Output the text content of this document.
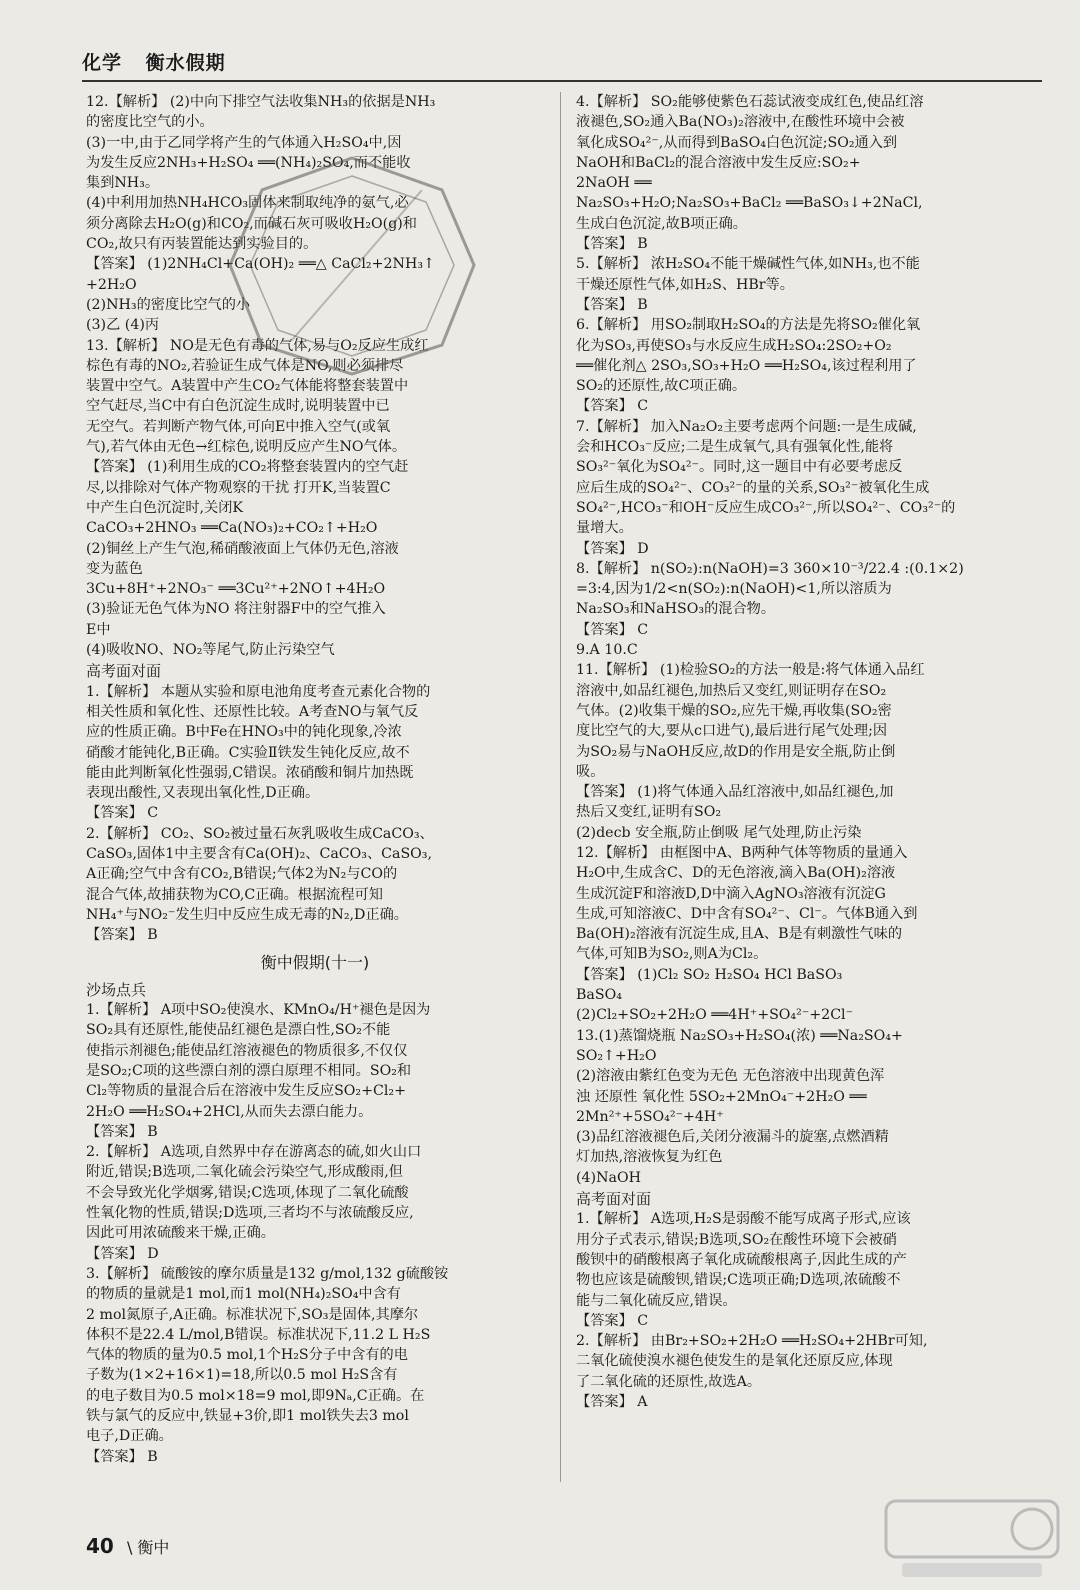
化学 衡水假期
12.【解析】 (2)中向下排空气法收集NH₃的依据是NH₃
的密度比空气的小。
(3)一中,由于乙同学将产生的气体通入H₂SO₄中,因
为发生反应2NH₃+H₂SO₄ ══(NH₄)₂SO₄,而不能收
集到NH₃。
(4)中利用加热NH₄HCO₃固体来制取纯净的氨气,必
须分离除去H₂O(g)和CO₂,而碱石灰可吸收H₂O(g)和
CO₂,故只有丙装置能达到实验目的。
【答案】 (1)2NH₄Cl+Ca(OH)₂ ══△ CaCl₂+2NH₃↑
+2H₂O
(2)NH₃的密度比空气的小
(3)乙 (4)丙
13.【解析】 NO是无色有毒的气体,易与O₂反应生成红
棕色有毒的NO₂,若验证生成气体是NO,则必须排尽
装置中空气。A装置中产生CO₂气体能将整套装置中
空气赶尽,当C中有白色沉淀生成时,说明装置中已
无空气。若判断产物气体,可向E中推入空气(或氧
气),若气体由无色→红棕色,说明反应产生NO气体。
【答案】 (1)利用生成的CO₂将整套装置内的空气赶
尽,以排除对气体产物观察的干扰 打开K,当装置C
中产生白色沉淀时,关闭K
CaCO₃+2HNO₃ ══Ca(NO₃)₂+CO₂↑+H₂O
(2)铜丝上产生气泡,稀硝酸液面上气体仍无色,溶液
变为蓝色
3Cu+8H⁺+2NO₃⁻ ══3Cu²⁺+2NO↑+4H₂O
(3)验证无色气体为NO 将注射器F中的空气推入
E中
(4)吸收NO、NO₂等尾气,防止污染空气
高考面对面
1.【解析】 本题从实验和原电池角度考查元素化合物的
相关性质和氧化性、还原性比较。A考查NO与氧气反
应的性质正确。B中Fe在HNO₃中的钝化现象,冷浓
硝酸才能钝化,B正确。C实验Ⅱ铁发生钝化反应,故不
能由此判断氧化性强弱,C错误。浓硝酸和铜片加热既
表现出酸性,又表现出氧化性,D正确。
【答案】 C
2.【解析】 CO₂、SO₂被过量石灰乳吸收生成CaCO₃、
CaSO₃,固体1中主要含有Ca(OH)₂、CaCO₃、CaSO₃,
A正确;空气中含有CO₂,B错误;气体2为N₂与CO的
混合气体,故捕获物为CO,C正确。根据流程可知
NH₄⁺与NO₂⁻发生归中反应生成无毒的N₂,D正确。
【答案】 B
衡中假期(十一)
沙场点兵
1.【解析】 A项中SO₂使溴水、KMnO₄/H⁺褪色是因为
SO₂具有还原性,能使品红褪色是漂白性,SO₂不能
使指示剂褪色;能使品红溶液褪色的物质很多,不仅仅
是SO₂;C项的这些漂白剂的漂白原理不相同。SO₂和
Cl₂等物质的量混合后在溶液中发生反应SO₂+Cl₂+
2H₂O ══H₂SO₄+2HCl,从而失去漂白能力。
【答案】 B
2.【解析】 A选项,自然界中存在游离态的硫,如火山口
附近,错误;B选项,二氧化硫会污染空气,形成酸雨,但
不会导致光化学烟雾,错误;C选项,体现了二氧化硫酸
性氧化物的性质,错误;D选项,三者均不与浓硫酸反应,
因此可用浓硫酸来干燥,正确。
【答案】 D
3.【解析】 硫酸铵的摩尔质量是132 g/mol,132 g硫酸铵
的物质的量就是1 mol,而1 mol(NH₄)₂SO₄中含有
2 mol氮原子,A正确。标准状况下,SO₃是固体,其摩尔
体积不是22.4 L/mol,B错误。标准状况下,11.2 L H₂S
气体的物质的量为0.5 mol,1个H₂S分子中含有的电
子数为(1×2+16×1)=18,所以0.5 mol H₂S含有
的电子数目为0.5 mol×18=9 mol,即9Nₐ,C正确。在
铁与氯气的反应中,铁显+3价,即1 mol铁失去3 mol
电子,D正确。
【答案】 B
4.【解析】 SO₂能够使紫色石蕊试液变成红色,使品红溶
液褪色,SO₂通入Ba(NO₃)₂溶液中,在酸性环境中会被
氧化成SO₄²⁻,从而得到BaSO₄白色沉淀;SO₂通入到
NaOH和BaCl₂的混合溶液中发生反应:SO₂+
2NaOH ══
Na₂SO₃+H₂O;Na₂SO₃+BaCl₂ ══BaSO₃↓+2NaCl,
生成白色沉淀,故B项正确。
【答案】 B
5.【解析】 浓H₂SO₄不能干燥碱性气体,如NH₃,也不能
干燥还原性气体,如H₂S、HBr等。
【答案】 B
6.【解析】 用SO₂制取H₂SO₄的方法是先将SO₂催化氧
化为SO₃,再使SO₃与水反应生成H₂SO₄:2SO₂+O₂
══催化剂△ 2SO₃,SO₃+H₂O ══H₂SO₄,该过程利用了
SO₂的还原性,故C项正确。
【答案】 C
7.【解析】 加入Na₂O₂主要考虑两个问题:一是生成碱,
会和HCO₃⁻反应;二是生成氧气,具有强氧化性,能将
SO₃²⁻氧化为SO₄²⁻。同时,这一题目中有必要考虑反
应后生成的SO₄²⁻、CO₃²⁻的量的关系,SO₃²⁻被氧化生成
SO₄²⁻,HCO₃⁻和OH⁻反应生成CO₃²⁻,所以SO₄²⁻、CO₃²⁻的
量增大。
【答案】 D
8.【解析】 n(SO₂):n(NaOH)=3 360×10⁻³/22.4 :(0.1×2)
=3:4,因为1/2<n(SO₂):n(NaOH)<1,所以溶质为
Na₂SO₃和NaHSO₃的混合物。
【答案】 C
9.A 10.C
11.【解析】 (1)检验SO₂的方法一般是:将气体通入品红
溶液中,如品红褪色,加热后又变红,则证明存在SO₂
气体。(2)收集干燥的SO₂,应先干燥,再收集(SO₂密
度比空气的大,要从c口进气),最后进行尾气处理;因
为SO₂易与NaOH反应,故D的作用是安全瓶,防止倒
吸。
【答案】 (1)将气体通入品红溶液中,如品红褪色,加
热后又变红,证明有SO₂
(2)decb 安全瓶,防止倒吸 尾气处理,防止污染
12.【解析】 由框图中A、B两种气体等物质的量通入
H₂O中,生成含C、D的无色溶液,滴入Ba(OH)₂溶液
生成沉淀F和溶液D,D中滴入AgNO₃溶液有沉淀G
生成,可知溶液C、D中含有SO₄²⁻、Cl⁻。气体B通入到
Ba(OH)₂溶液有沉淀生成,且A、B是有刺激性气味的
气体,可知B为SO₂,则A为Cl₂。
【答案】 (1)Cl₂ SO₂ H₂SO₄ HCl BaSO₃
BaSO₄
(2)Cl₂+SO₂+2H₂O ══4H⁺+SO₄²⁻+2Cl⁻
13.(1)蒸馏烧瓶 Na₂SO₃+H₂SO₄(浓) ══Na₂SO₄+
SO₂↑+H₂O
(2)溶液由紫红色变为无色 无色溶液中出现黄色浑
浊 还原性 氧化性 5SO₂+2MnO₄⁻+2H₂O ══
2Mn²⁺+5SO₄²⁻+4H⁺
(3)品红溶液褪色后,关闭分液漏斗的旋塞,点燃酒精
灯加热,溶液恢复为红色
(4)NaOH
高考面对面
1.【解析】 A选项,H₂S是弱酸不能写成离子形式,应该
用分子式表示,错误;B选项,SO₂在酸性环境下会被硝
酸钡中的硝酸根离子氧化成硫酸根离子,因此生成的产
物也应该是硫酸钡,错误;C选项正确;D选项,浓硫酸不
能与二氧化硫反应,错误。
【答案】 C
2.【解析】 由Br₂+SO₂+2H₂O ══H₂SO₄+2HBr可知,
二氧化硫使溴水褪色使发生的是氧化还原反应,体现
了二氧化硫的还原性,故选A。
【答案】 A
40 \ 衡中
